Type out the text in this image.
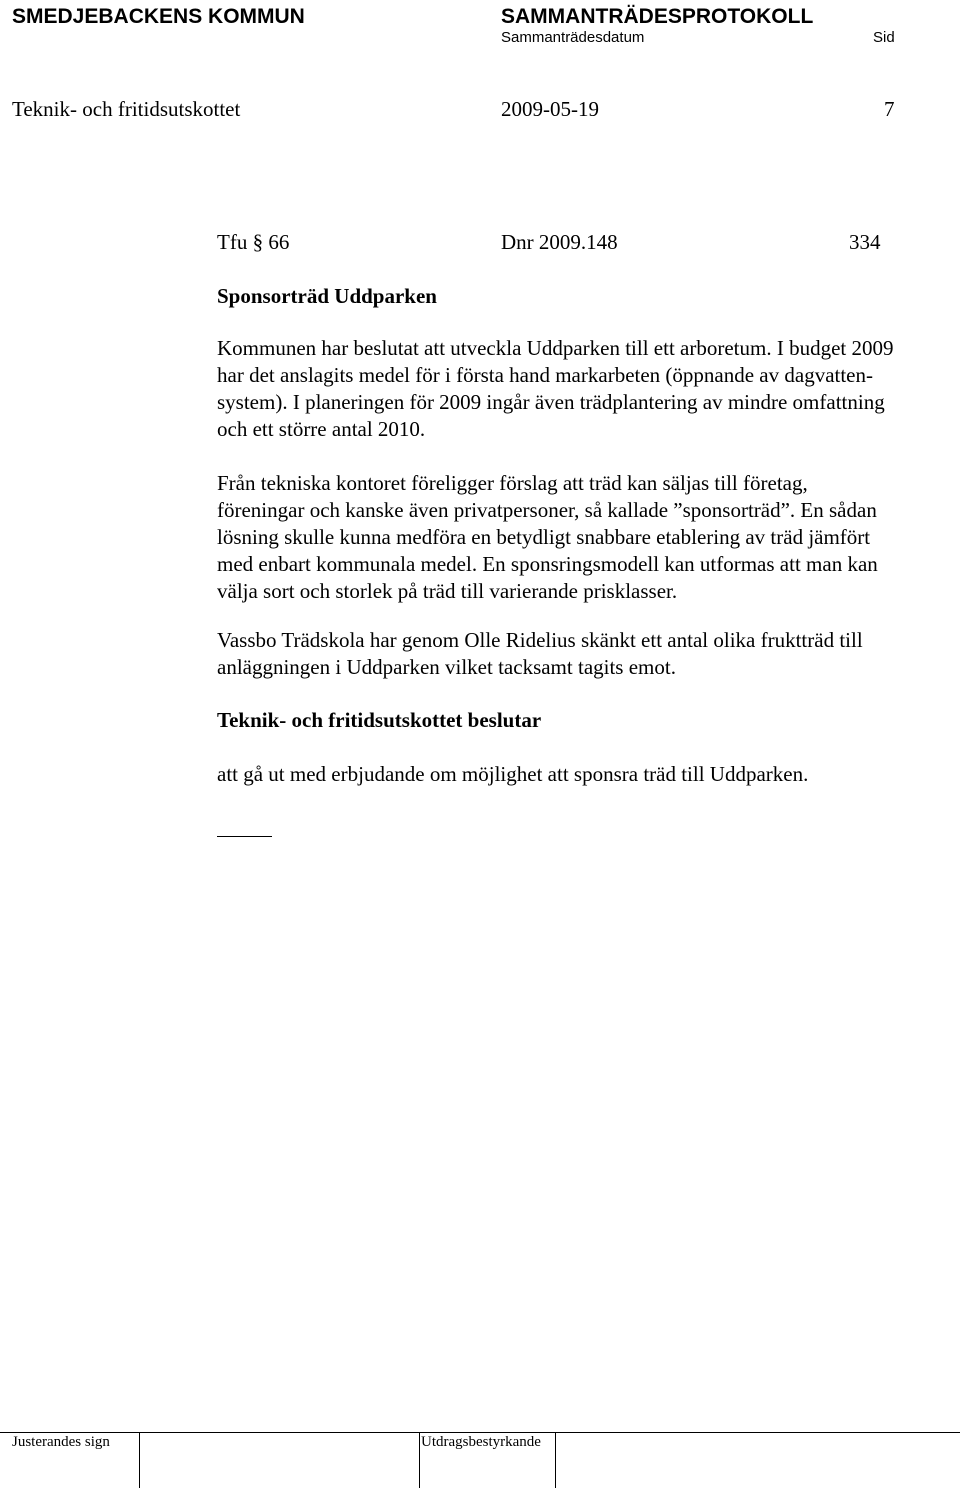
SMEDJEBACKENS KOMMUN	SAMMANTRÄDESPROTOKOLL
Sammanträdesdatum	Sid
Teknik- och fritidsutskottet	2009-05-19	7
Tfu § 66	Dnr 2009.148	334
Sponsorträd Uddparken
Kommunen har beslutat att utveckla Uddparken till ett arboretum. I budget 2009
har det anslagits medel för i första hand markarbeten (öppnande av dagvatten-
system). I planeringen för 2009 ingår även trädplantering av mindre omfattning
och ett större antal 2010.
Från tekniska kontoret föreligger förslag att träd kan säljas till företag,
föreningar och kanske även privatpersoner, så kallade ”sponsorträd”. En sådan
lösning skulle kunna medföra en betydligt snabbare etablering av träd jämfört
med enbart kommunala medel. En sponsringsmodell kan utformas att man kan
välja sort och storlek på träd till varierande prisklasser.
Vassbo Trädskola har genom Olle Ridelius skänkt ett antal olika fruktträd till
anläggningen i Uddparken vilket tacksamt tagits emot.
Teknik- och fritidsutskottet beslutar
att gå ut med erbjudande om möjlighet att sponsra träd till Uddparken.
Justerandes sign	Utdragsbestyrkande
